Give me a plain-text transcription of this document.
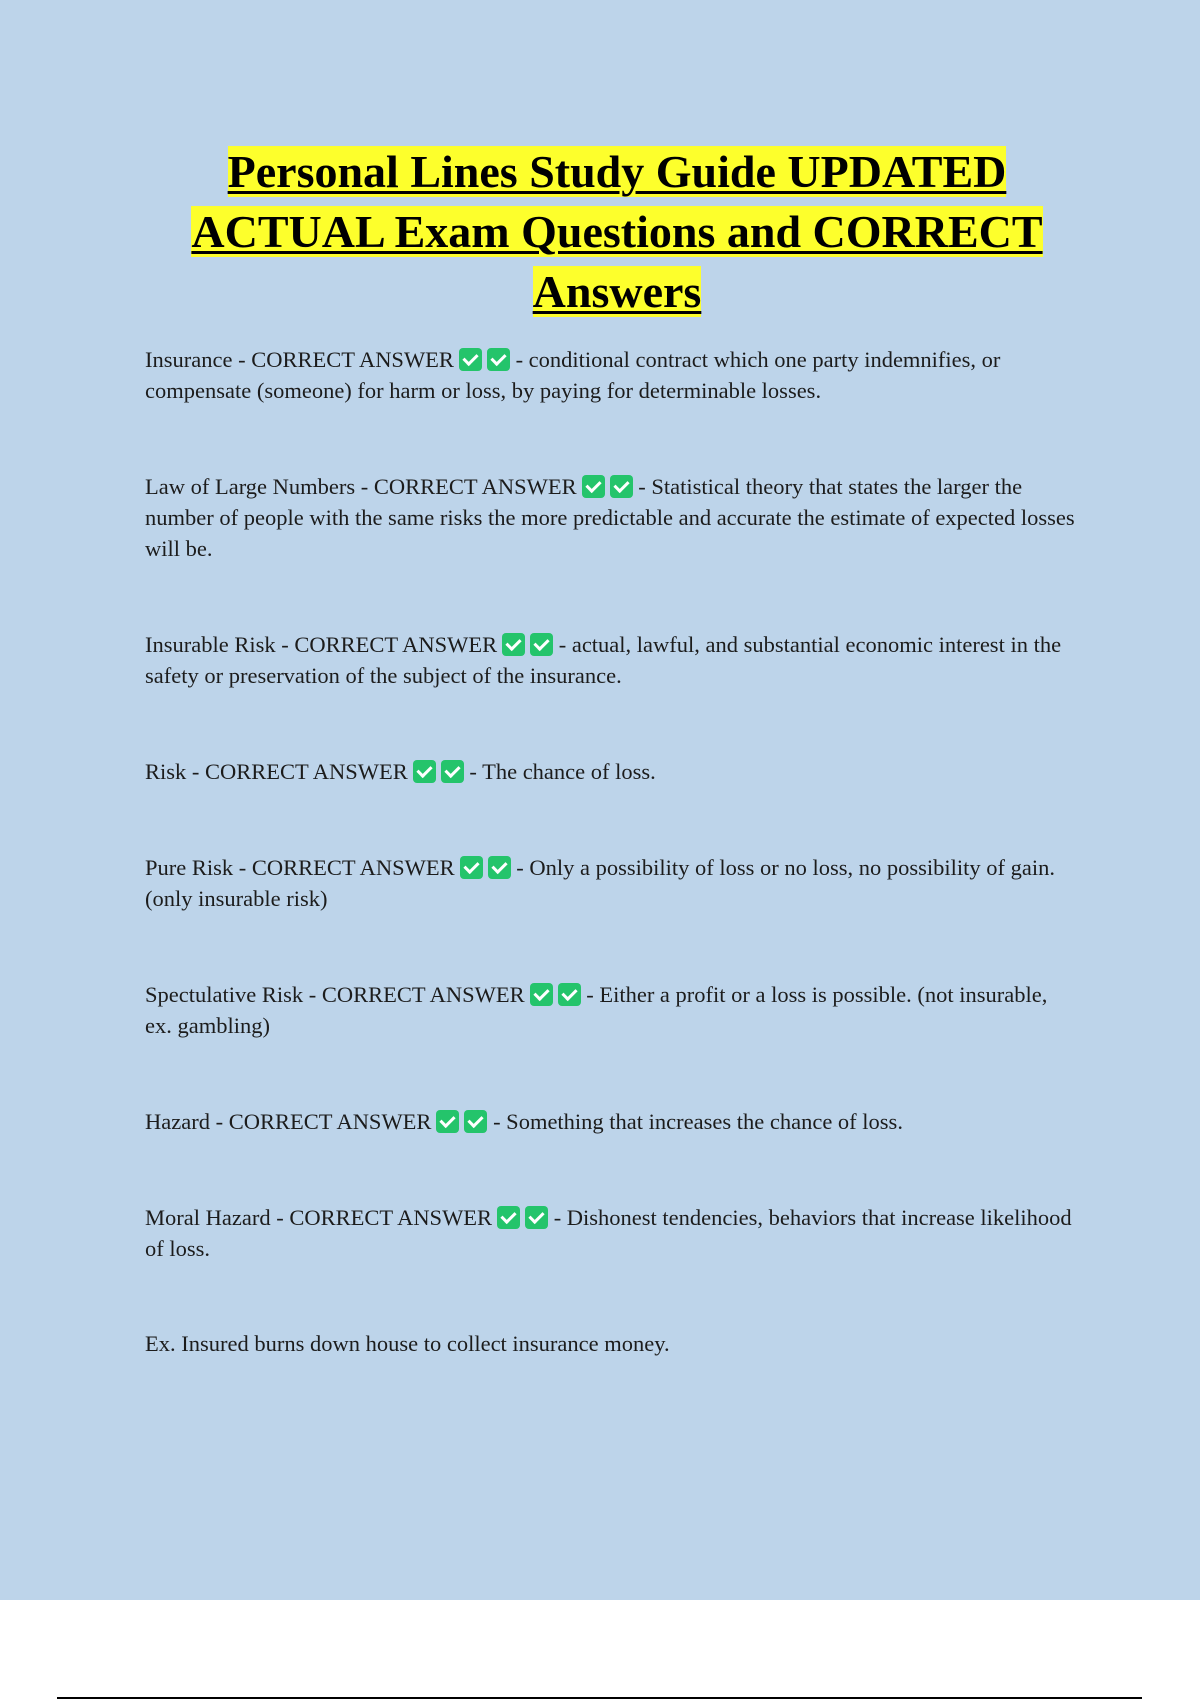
Personal Lines Study Guide UPDATED
ACTUAL Exam Questions and CORRECT
Answers
Insurance - CORRECT ANSWER	- conditional contract which one party indemnifies, or compensate (someone) for harm or loss, by paying for determinable losses.
Law of Large Numbers - CORRECT ANSWER	- Statistical theory that states the larger the number of people with the same risks the more predictable and accurate the estimate of expected losses will be.
Insurable Risk - CORRECT ANSWER	- actual, lawful, and substantial economic interest in the safety or preservation of the subject of the insurance.
Risk - CORRECT ANSWER	- The chance of loss.
Pure Risk - CORRECT ANSWER	- Only a possibility of loss or no loss, no possibility of gain. (only insurable risk)
Spectulative Risk - CORRECT ANSWER	- Either a profit or a loss is possible. (not insurable, ex. gambling)
Hazard - CORRECT ANSWER	- Something that increases the chance of loss.
Moral Hazard - CORRECT ANSWER	- Dishonest tendencies, behaviors that increase likelihood of loss.
Ex. Insured burns down house to collect insurance money.
